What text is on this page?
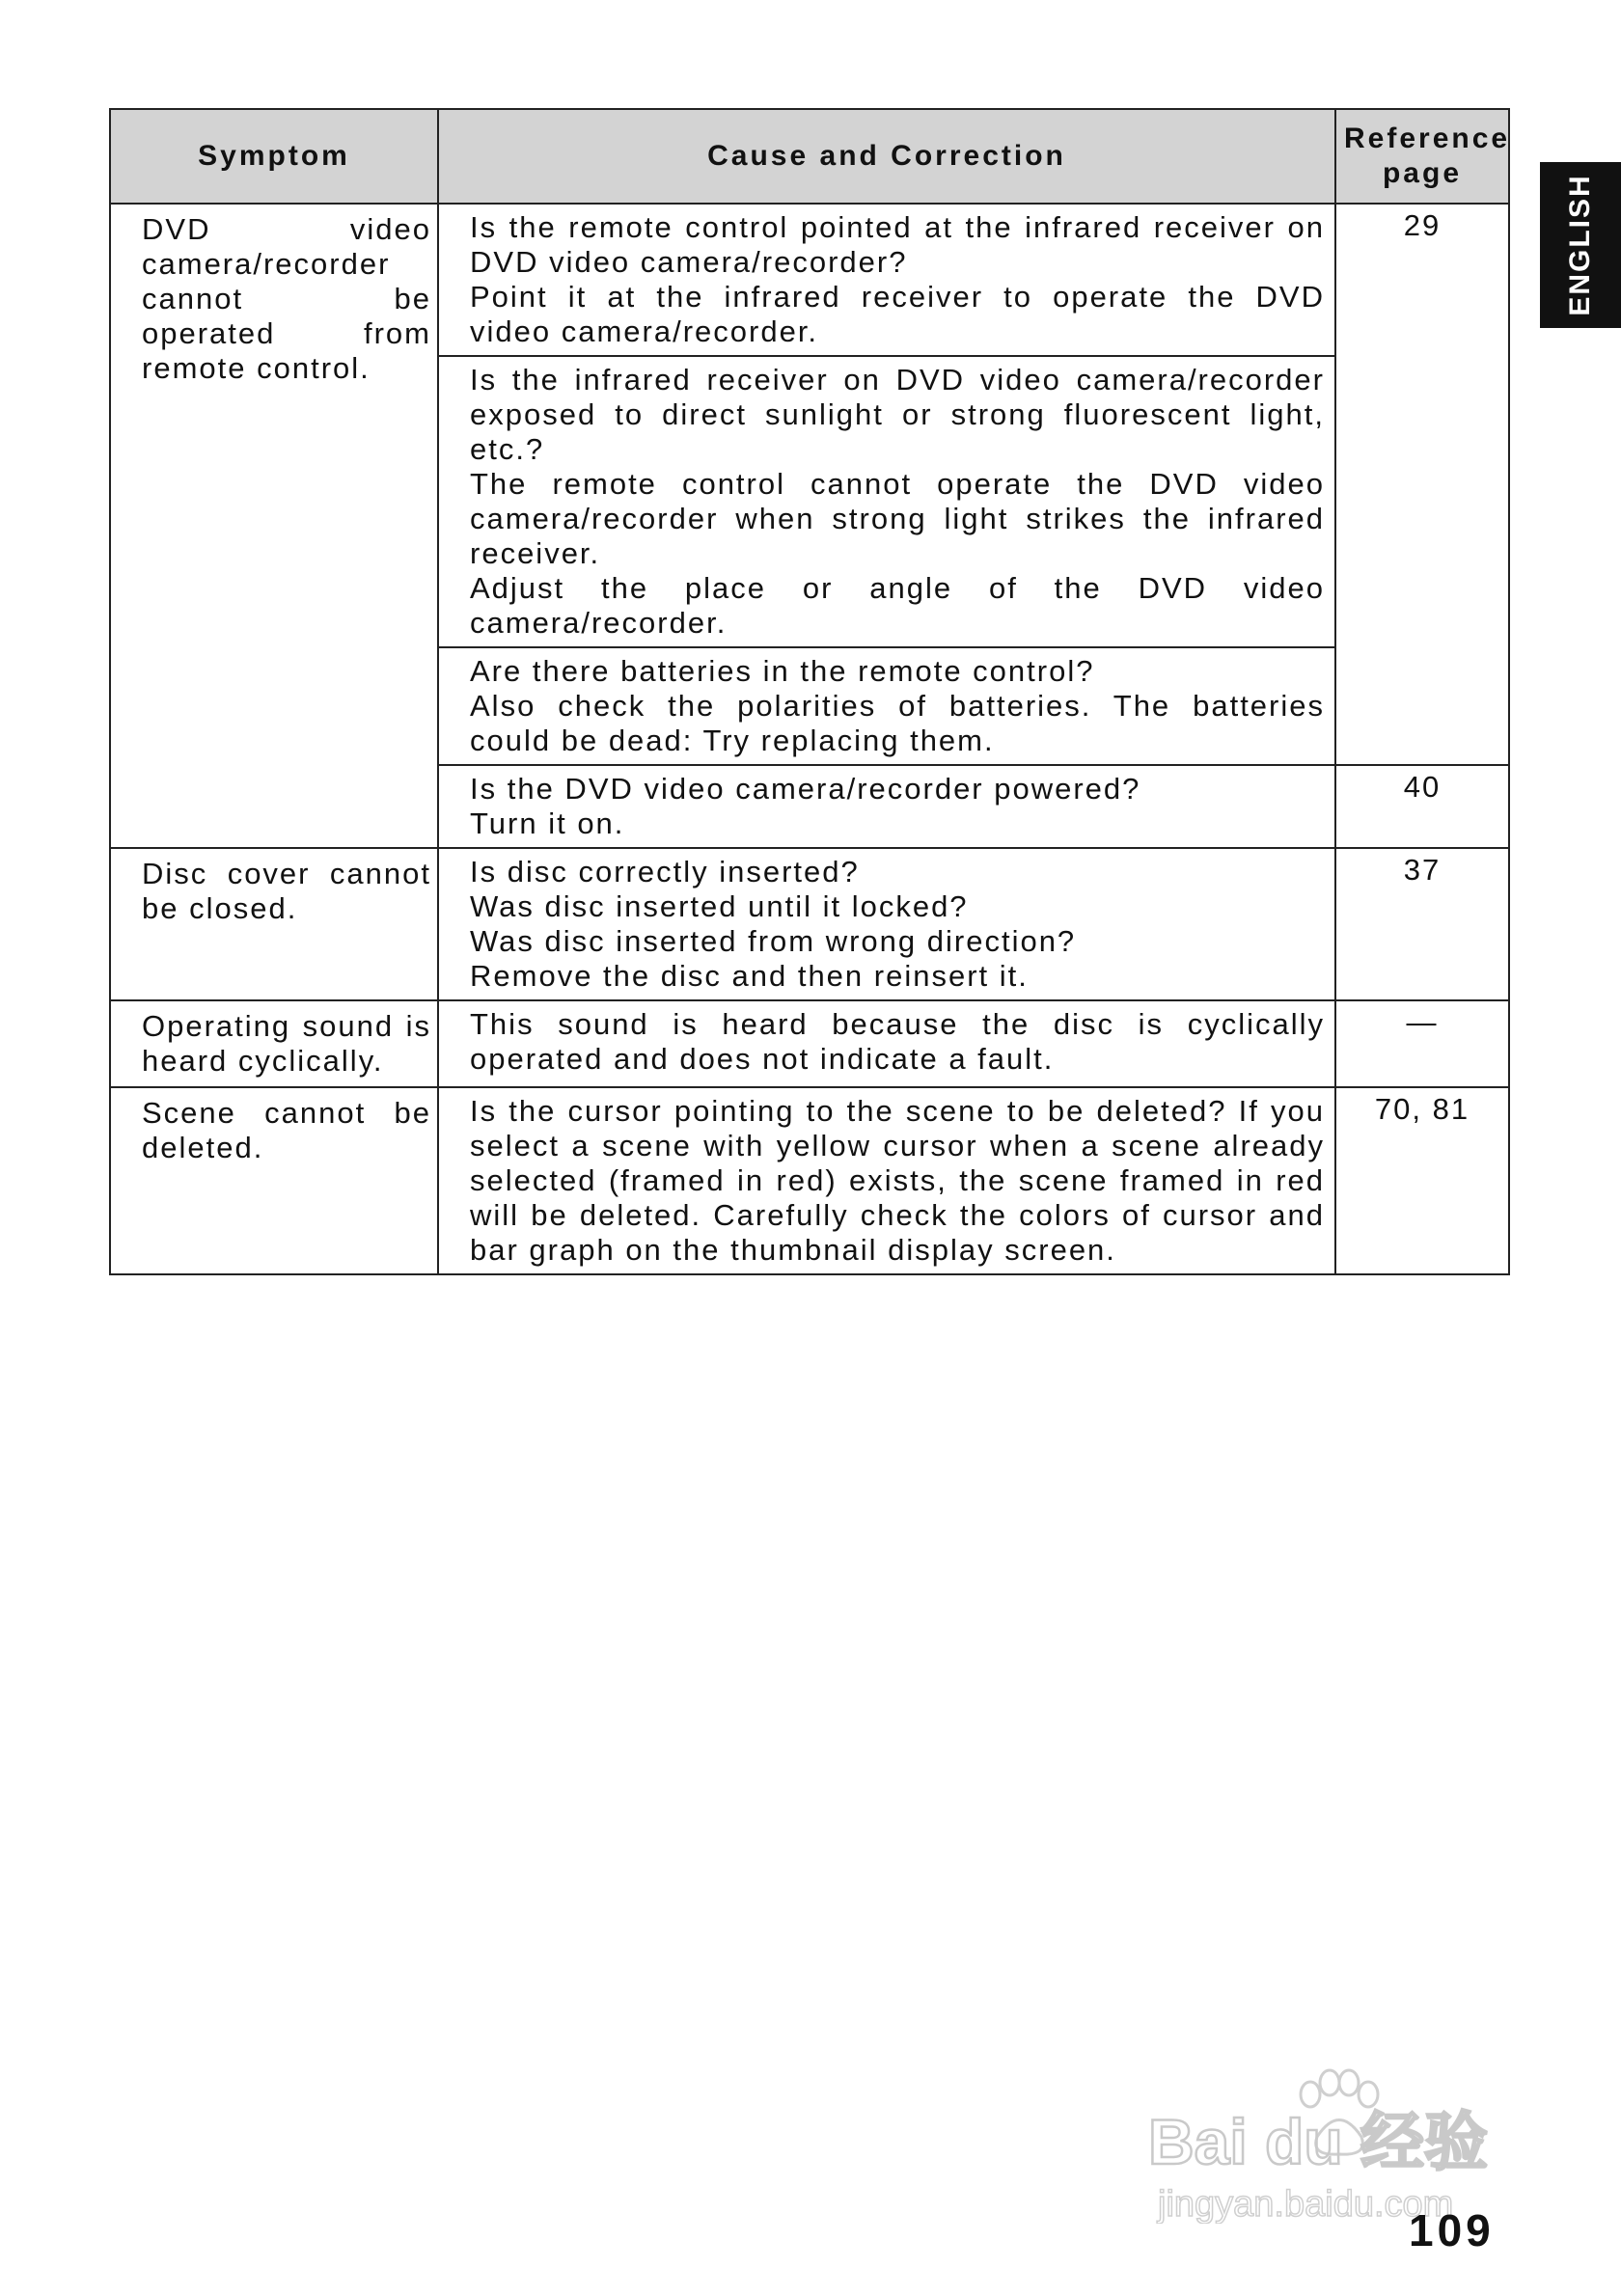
Symptom	Cause and Correction	Reference page
DVD video camera/recorder cannot be operated from remote control.	Is the remote control pointed at the infrared receiver on DVD video camera/recorder?
Point it at the infrared receiver to operate the DVD video camera/recorder.	29

	Is the infrared receiver on DVD video camera/recorder exposed to direct sunlight or strong fluorescent light, etc.?
The remote control cannot operate the DVD video camera/recorder when strong light strikes the infrared receiver.
Adjust the place or angle of the DVD video camera/recorder.	

	Are there batteries in the remote control?
Also check the polarities of batteries. The batteries could be dead: Try replacing them.	

	Is the DVD video camera/recorder powered?
Turn it on.	40
Disc cover cannot be closed.	Is disc correctly inserted?
Was disc inserted until it locked?
Was disc inserted from wrong direction?
Remove the disc and then reinsert it.	37
Operating sound is heard cyclically.	This sound is heard because the disc is cyclically operated and does not indicate a fault.	—
Scene cannot be deleted.	Is the cursor pointing to the scene to be deleted? If you select a scene with yellow cursor when a scene already selected (framed in red) exists, the scene framed in red will be deleted. Carefully check the colors of cursor and bar graph on the thumbnail display screen.	70, 81
ENGLISH
Bai du 经验
jingyan.baidu.com
109
